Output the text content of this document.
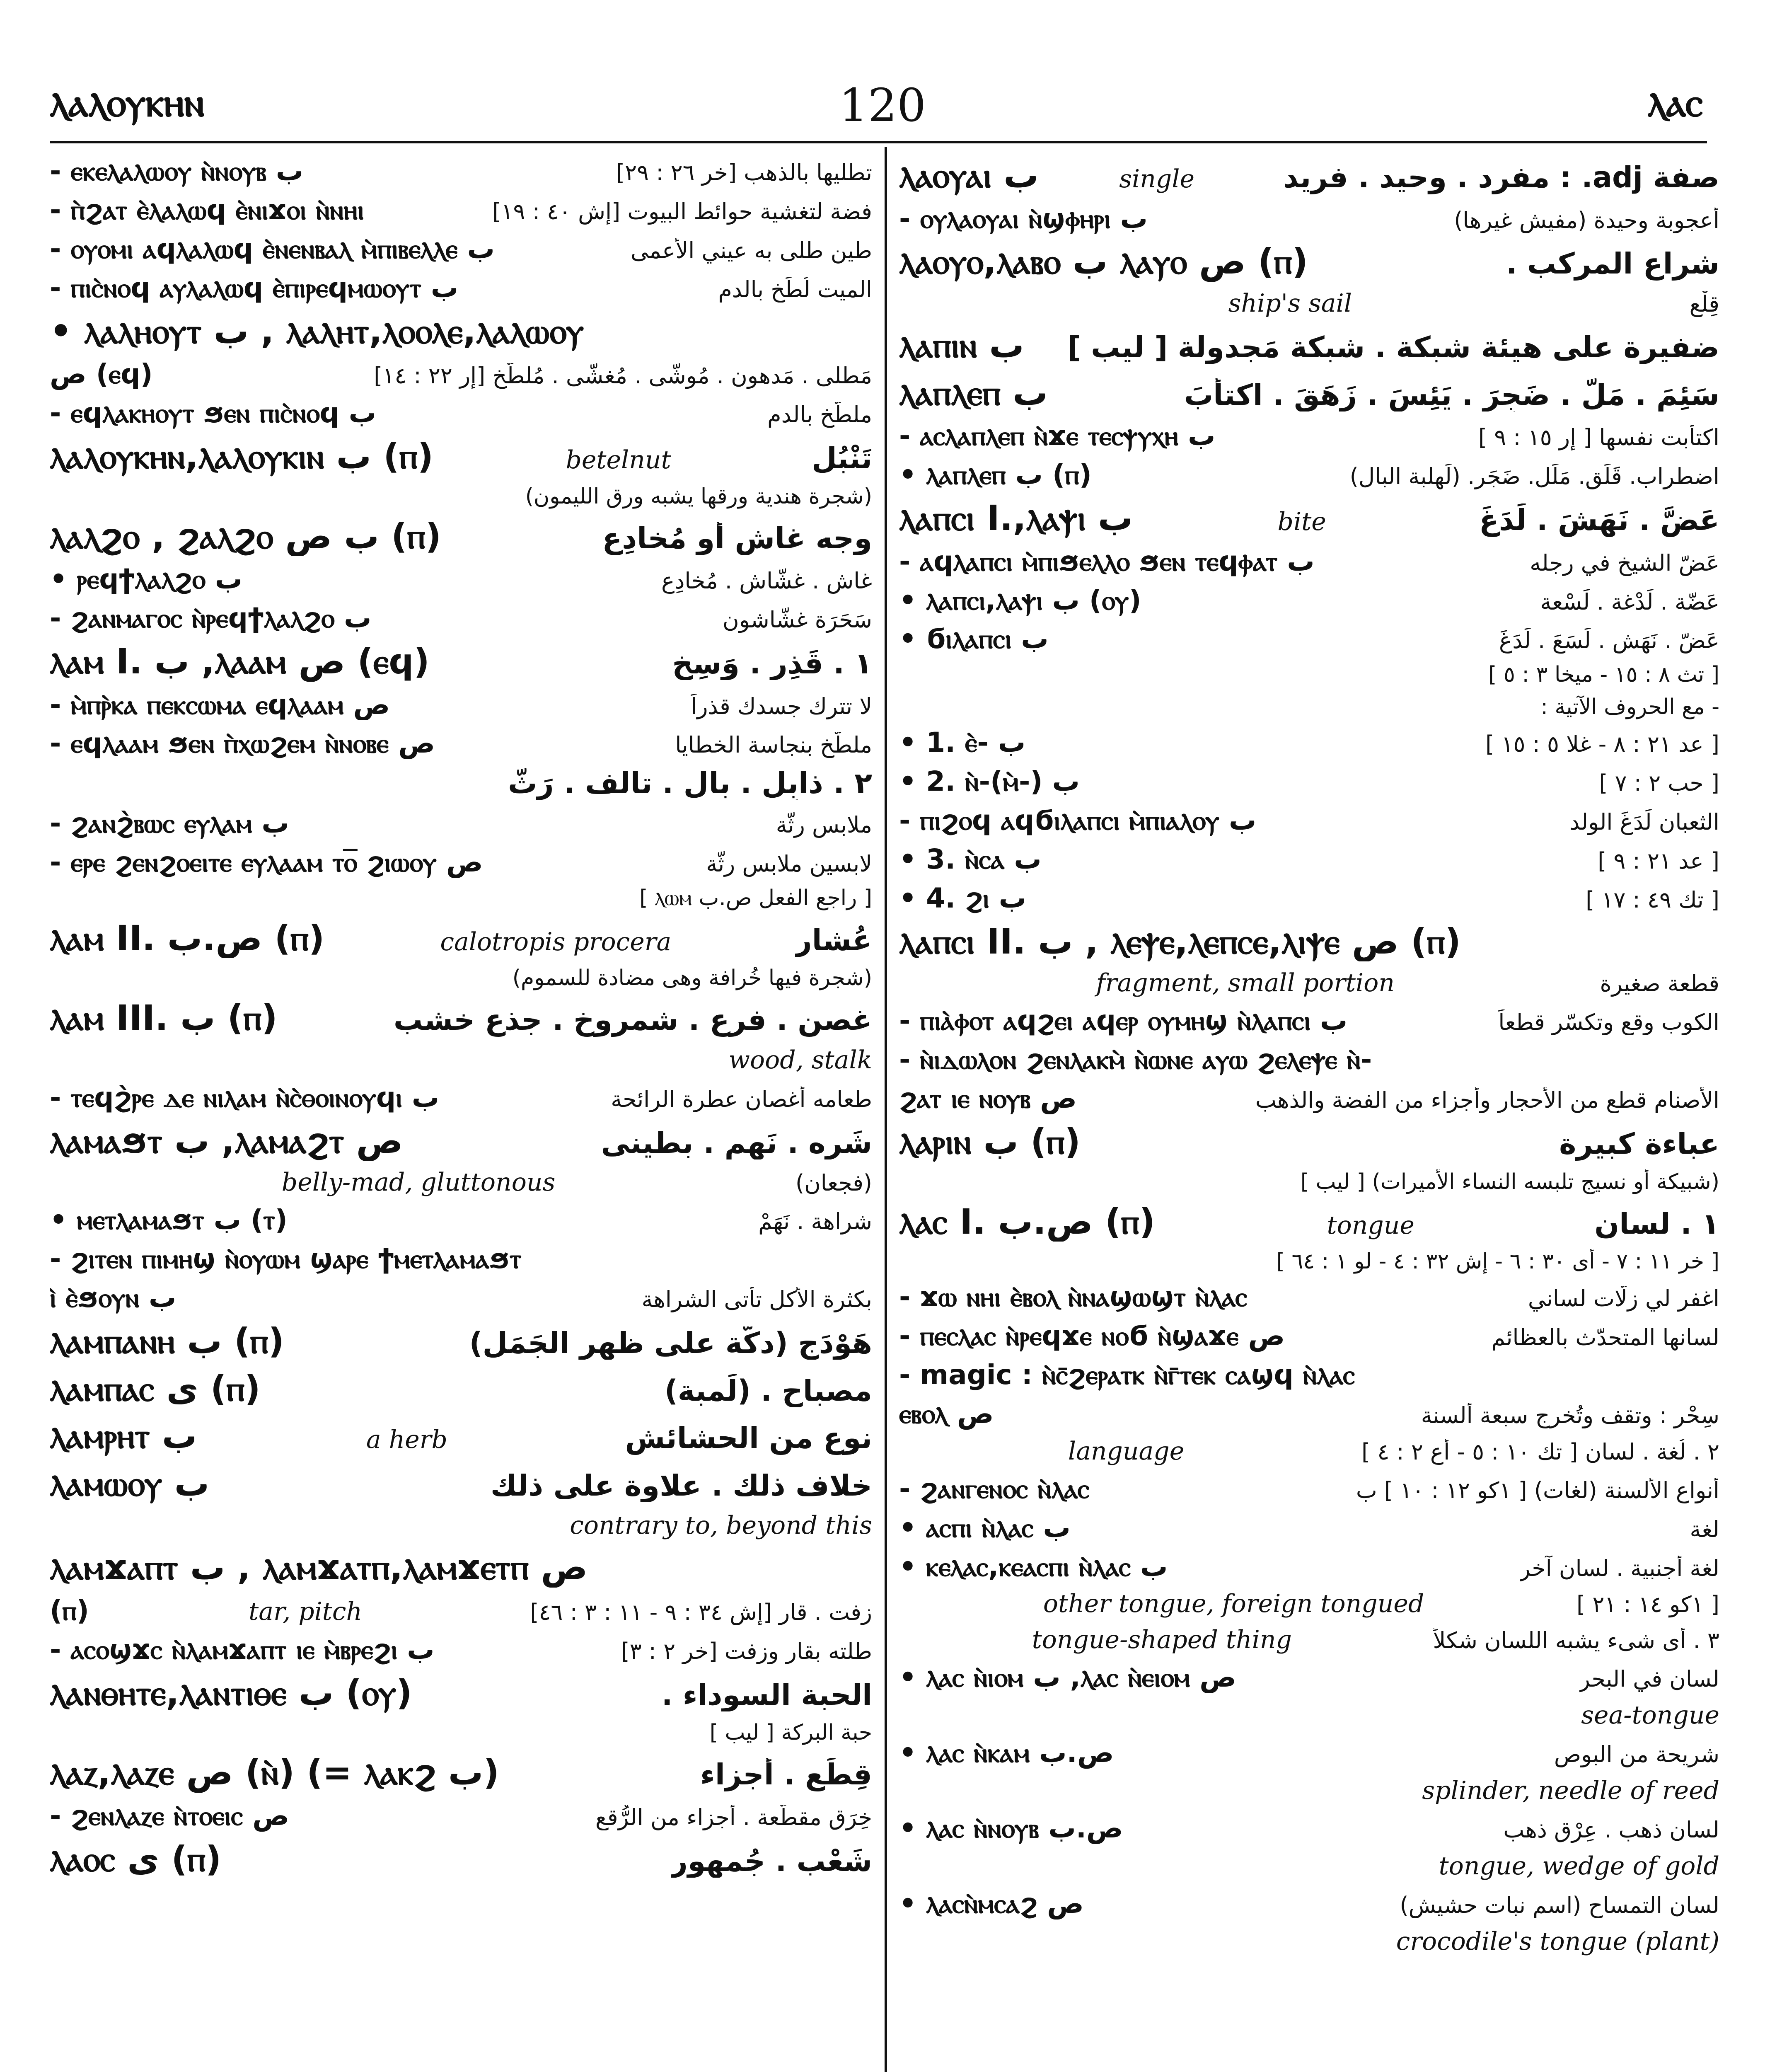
ⲗⲁⲗⲟⲩⲕⲏⲛ	120	ⲗⲁⲥ
- ⲉⲕⲉⲗⲁⲗⲱⲟⲩ ⲛ̀ⲛⲟⲩⲃ ب	تطليها بالذهب [خر ٢٦ : ٢٩]
- ⲡ̀ϩⲁⲧ ⲉ̀ⲗⲁⲗⲱϥ ⲉ̀ⲛⲓϫⲟⲓ ⲛ̀ⲛⲏⲓ	فضة لتغشية حوائط البيوت [إش ٤٠ : ١٩]
- ⲟⲩⲟⲙⲓ ⲁϥⲗⲁⲗⲱϥ ⲉ̀ⲛⲉⲛⲃⲁⲗ ⲙ̀ⲡⲓⲃⲉⲗⲗⲉ ب	طين طلى به عيني الأعمى
- ⲡⲓⲥ̀ⲛⲟϥ ⲁⲩⲗⲁⲗⲱϥ ⲉ̀ⲡⲓⲣⲉϥⲙⲱⲟⲩⲧ ب	الميت لُطِّخ بالدم
• ⲗⲁⲗⲏⲟⲩⲧ ب , ⲗⲁⲗⲏⲧ,ⲗⲟⲟⲗⲉ,ⲗⲁⲗⲱⲟⲩ
ص (ⲉϥ)	مَطلى . مَدهون . مُوشّى . مُغشّى . مُلطّخ [إر ٢٢ : ١٤]
- ⲉϥⲗⲁⲕⲏⲟⲩⲧ ϧⲉⲛ ⲡⲓⲥ̀ⲛⲟϥ ب	ملطّخ بالدم
ⲗⲁⲗⲟⲩⲕⲏⲛ,ⲗⲁⲗⲟⲩⲕⲓⲛ ب (ⲡ)	betelnut	تَنْبُل
(شجرة هندية ورقها يشبه ورق الليمون)
ⲗⲁⲗϩⲟ , ϩⲁⲗϩⲟ ب ص (ⲡ)	وجه غاش أو مُخادِع
• ⲣⲉϥϯⲗⲁⲗϩⲟ ب	غاش . غشّاش . مُخادِع
- ϩⲁⲛⲙⲁⲅⲟⲥ ⲛ̀ⲣⲉϥϯⲗⲁⲗϩⲟ ب	سَحَرَة غشّاشون
ⲗⲁⲙ I. ب ,ⲗⲁⲁⲙ ص (ⲉϥ)	١ . قَذِر . وَسِخ
- ⲙ̀ⲡⲣ̀ⲕⲁ ⲡⲉⲕⲥⲱⲙⲁ ⲉϥⲗⲁⲁⲙ ص	لا تترك جسدك قذراً
- ⲉϥⲗⲁⲁⲙ ϧⲉⲛ ⲡ̀ⲭⲱϩⲉⲙ ⲛ̀ⲛⲟⲃⲉ ص	ملطّخ بنجاسة الخطايا
٢ . ذابِل . بالٍ . تالف . رَثّ
- ϩⲁⲛϩ̀ⲃⲱⲥ ⲉⲩⲗⲁⲙ ب	ملابس رثّة
- ⲉⲣⲉ ϩⲉⲛϩⲟⲉⲓⲧⲉ ⲉⲩⲗⲁⲁⲙ ⲧⲟ̅ ϩⲓⲱⲟⲩ ص	لابسين ملابس رثّة
[ راجع الفعل ص.ب ⲗⲱⲙ ]
ⲗⲁⲙ II. ص.ب (ⲡ)	calotropis procera	عُشار
(شجرة فيها خُرافة وهى مضادة للسموم)
ⲗⲁⲙ III. ب (ⲡ)	غصن . فرع . شمروخ . جذع خشب
wood, stalk
- ⲧⲉϥϩ̀ⲣⲉ ⲇⲉ ⲛⲓⲗⲁⲙ ⲛ̀ⲥ̀ⲑⲟⲓⲛⲟⲩϥⲓ ب	طعامه أغصان عطرة الرائحة
ⲗⲁⲙⲁϧⲧ ب ,ⲗⲁⲙⲁϩⲧ ص	شَرِه . نَهِم . بطينى
belly-mad, gluttonous	(فجعان)
• ⲙⲉⲧⲗⲁⲙⲁϧⲧ ب (ⲧ)	شراهة . نَهَمْ
- ϩⲓⲧⲉⲛ ⲡⲓⲙⲏϣ ⲛ̀ⲟⲩⲱⲙ ϣⲁⲣⲉ ϯⲙⲉⲧⲗⲁⲙⲁϧⲧ
ⲓ̀ ⲉ̀ϧⲟⲩⲛ ب	بكثرة الأكل تأتى الشراهة
ⲗⲁⲙⲡⲁⲛⲏ ب (ⲡ)	هَوْدَج (دكّة على ظهر الجَمَل)
ⲗⲁⲙⲡⲁⲥ ى (ⲡ)	مصباح . (لَمبة)
ⲗⲁⲙⲣⲏⲧ ب	a herb	نوع من الحشائش
ⲗⲁⲙⲱⲟⲩ ب	خلاف ذلك . علاوة على ذلك
contrary to, beyond this
ⲗⲁⲙϫⲁⲡⲧ ب , ⲗⲁⲙϫⲁⲧⲡ,ⲗⲁⲙϫⲉⲧⲡ ص
(ⲡ)	tar, pitch	زفت . قار [إش ٣٤ : ٩ - ١١ : ٣ : ٤٦]
- ⲁⲥⲟϣϫⲥ ⲛ̀ⲗⲁⲙϫⲁⲡⲧ ⲓⲉ ⲙ̀ⲃⲣⲉϩⲓ ب	طلته بقار وزفت [خر ٢ : ٣]
ⲗⲁⲛⲑⲏⲧⲉ,ⲗⲁⲛⲧⲓⲑⲉ ب (ⲟⲩ)	الحبة السوداء .
حبة البركة [ ليب ]
ⲗⲁⲍ,ⲗⲁⲍⲉ ص (ⲛ̀) (= ⲗⲁⲕϩ ب)	قِطَع . أجزاء
- ϩⲉⲛⲗⲁⲍⲉ ⲛ̀ⲧⲟⲉⲓⲥ ص	خِرَق مقطّعة . أجزاء من الرُّقع
ⲗⲁⲟⲥ ى (ⲡ)	شَعْب . جُمهور
ⲗⲁⲟⲩⲁⲓ ب	single	صفة adj. : مفرد . وحيد . فريد
- ⲟⲩⲗⲁⲟⲩⲁⲓ ⲛ̀ϣⲫⲏⲣⲓ ب	أعجوبة وحيدة (مفيش غيرها)
ⲗⲁⲟⲩⲟ,ⲗⲁⲃⲟ ب ⲗⲁⲩⲟ ص (ⲡ)	شراع المركب .
ship's sail	قِلْع
ⲗⲁⲡⲓⲛ ب ضفيرة على هيئة شبكة . شبكة مَجدولة [ ليب ]
ⲗⲁⲡⲗⲉⲡ ب	سَئِمَ . مَلَّ . ضَجِرَ . يَئِسَ . زَهَقَ . اكتأبَ
- ⲁⲥⲗⲁⲡⲗⲉⲡ ⲛ̀ϫⲉ ⲧⲉⲥⲯⲩⲭⲏ ب	اكتأبت نفسها [ إر ١٥ : ٩ ]
• ⲗⲁⲡⲗⲉⲡ ب (ⲡ)	اضطراب. قَلَق. مَلَل. ضَجَر. (لَهلبة البال)
ⲗⲁⲡⲥⲓ I.,ⲗⲁⲯⲓ ب	bite	عَضَّ . نَهَشَ . لَدَغَ
- ⲁϥⲗⲁⲡⲥⲓ ⲙ̀ⲡⲓϧⲉⲗⲗⲟ ϧⲉⲛ ⲧⲉϥⲫⲁⲧ ب	عَضّ الشيخ في رجله
• ⲗⲁⲡⲥⲓ,ⲗⲁⲯⲓ ب (ⲟⲩ)	عَضّة . لَدْغة . لَسْعة
• ϭⲓⲗⲁⲡⲥⲓ ب	عَضّ . نَهَش . لَسَعَ . لَدَغَ
[ تث ٨ : ١٥ - ميخا ٣ : ٥ ]
- مع الحروف الآتية :
• 1. ⲉ̀- ب	[ عد ٢١ : ٨ - غلا ٥ : ١٥ ]
• 2. ⲛ̀-(ⲙ̀-) ب	[ حب ٢ : ٧ ]
- ⲡⲓϩⲟϥ ⲁϥϭⲓⲗⲁⲡⲥⲓ ⲙ̀ⲡⲓⲁⲗⲟⲩ ب	الثعبان لَدَغَ الولد
• 3. ⲛ̀ⲥⲁ ب	[ عد ٢١ : ٩ ]
• 4. ϩⲓ ب	[ تك ٤٩ : ١٧ ]
ⲗⲁⲡⲥⲓ II. ب , ⲗⲉⲯⲉ,ⲗⲉⲡⲥⲉ,ⲗⲓⲯⲉ ص (ⲡ)
fragment, small portion	قطعة صغيرة
- ⲡⲓⲁ̀ⲫⲟⲧ ⲁϥϩⲉⲓ ⲁϥⲉⲣ ⲟⲩⲙⲏϣ ⲛ̀ⲗⲁⲡⲥⲓ ب	الكوب وقع وتكسّر قطعاً
- ⲛ̀ⲓⲇⲱⲗⲟⲛ ϩⲉⲛⲗⲁⲕⲙ̀ ⲛ̀ⲱⲛⲉ ⲁⲩⲱ ϩⲉⲗⲉⲯⲉ ⲛ̀-
ϩⲁⲧ ⲓⲉ ⲛⲟⲩⲃ ص	الأصنام قطع من الأحجار وأجزاء من الفضة والذهب
ⲗⲁⲣⲓⲛ ب (ⲡ)	عباءة كبيرة
(شبيكة أو نسيج تلبسه النساء الأميرات) [ ليب ]
ⲗⲁⲥ I. ص.ب (ⲡ)	tongue	١ . لسان
[ خر ١١ : ٧ - أى ٣٠ : ٦ - إش ٣٢ : ٤ - لو ١ : ٦٤ ]
- ϫⲱ ⲛⲏⲓ ⲉ̀ⲃⲟⲗ ⲛ̀ⲛⲁϣⲱϣⲧ ⲛ̀ⲗⲁⲥ	اغفر لي زلّات لساني
- ⲡⲉⲥⲗⲁⲥ ⲛ̀ⲣⲉϥϫⲉ ⲛⲟϭ ⲛ̀ϣⲁϫⲉ ص	لسانها المتحدّث بالعظائم
- magic : ⲛ̀ⲥ̄ϩⲉⲣⲁⲧⲕ ⲛ̀ⲅ̄ⲧⲉⲕ ⲥⲁϣϥ ⲛ̀ⲗⲁⲥ
ⲉⲃⲟⲗ ص	سِحْر : وتقف وتُخرج سبعة ألسنة
language	٢ . لُغة . لسان [ تك ١٠ : ٥ - أع ٢ : ٤ ]
- ϩⲁⲛⲅⲉⲛⲟⲥ ⲛ̀ⲗⲁⲥ	أنواع الألسنة (لغات) [ ١كو ١٢ : ١٠ ] ب
• ⲁⲥⲡⲓ ⲛ̀ⲗⲁⲥ ب	لغة
• ⲕⲉⲗⲁⲥ,ⲕⲉⲁⲥⲡⲓ ⲛ̀ⲗⲁⲥ ب	لغة أجنبية . لسان آخر
other tongue, foreign tongued	[ ١كو ١٤ : ٢١ ]
tongue-shaped thing	٣ . أى شىء يشبه اللسان شكلاً
• ⲗⲁⲥ ⲛ̀ⲓⲟⲙ ب ,ⲗⲁⲥ ⲛ̀ⲉⲓⲟⲙ ص	لسان في البحر
sea-tongue
• ⲗⲁⲥ ⲛ̀ⲕⲁⲙ ص.ب	شريحة من البوص
splinder, needle of reed
• ⲗⲁⲥ ⲛ̀ⲛⲟⲩⲃ ص.ب	لسان ذهب . عِرْق ذهب
tongue, wedge of gold
• ⲗⲁⲥⲛ̀ⲙⲥⲁϩ ص	لسان التمساح (اسم نبات حشيش)
crocodile's tongue (plant)
